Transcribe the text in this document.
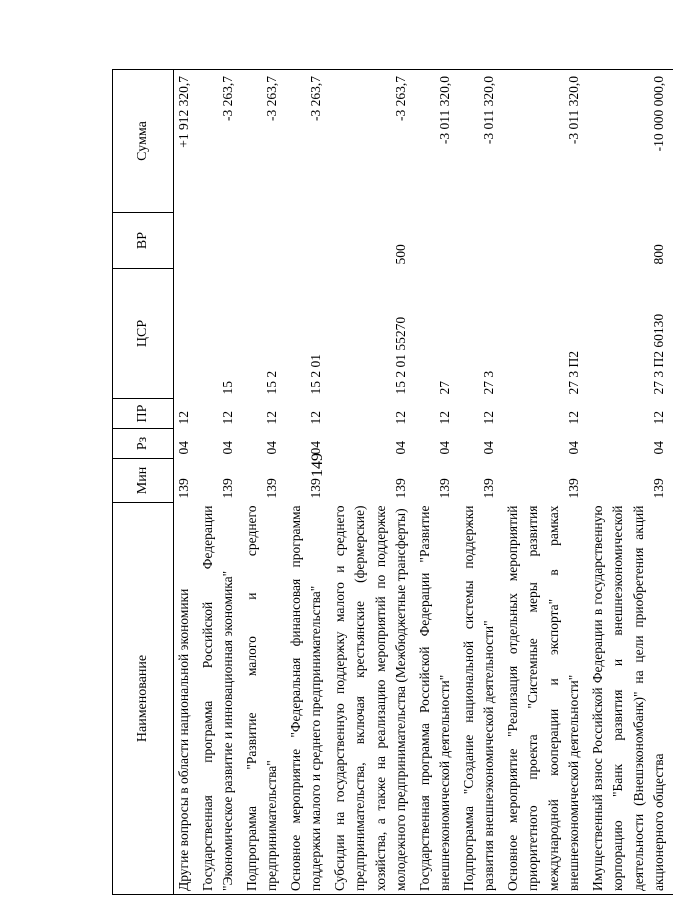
149
Наименование	Мин	Рз	ПР	ЦСР	ВР	Сумма
Другие вопросы в области национальной экономики	139	04	12			+1 912 320,7
Государственная программа Российской Федерации "Экономическое развитие и инновационная экономика"	139	04	12	15		-3 263,7
Подпрограмма "Развитие малого и среднего предпринимательства"	139	04	12	15 2		-3 263,7
Основное мероприятие "Федеральная финансовая программа поддержки малого и среднего предпринимательства"	139	04	12	15 2 01		-3 263,7
Субсидии на государственную поддержку малого и среднего предпринимательства, включая крестьянские (фермерские) хозяйства, а также на реализацию мероприятий по поддержке молодежного предпринимательства (Межбюджетные трансферты)	139	04	12	15 2 01 55270	500	-3 263,7
Государственная программа Российской Федерации "Развитие внешнеэкономической деятельности"	139	04	12	27		-3 011 320,0
Подпрограмма "Создание национальной системы поддержки развития внешнеэкономической деятельности"	139	04	12	27 3		-3 011 320,0
Основное мероприятие "Реализация отдельных мероприятий приоритетного проекта "Системные меры развития международной кооперации и экспорта" в рамках внешнеэкономической деятельности"	139	04	12	27 3 П2		-3 011 320,0
Имущественный взнос Российской Федерации в государственную корпорацию "Банк развития и внешнеэкономической деятельности (Внешэкономбанк)" на цели приобретения акций акционерного общества	139	04	12	27 3 П2 60130	800	-10 000 000,0
